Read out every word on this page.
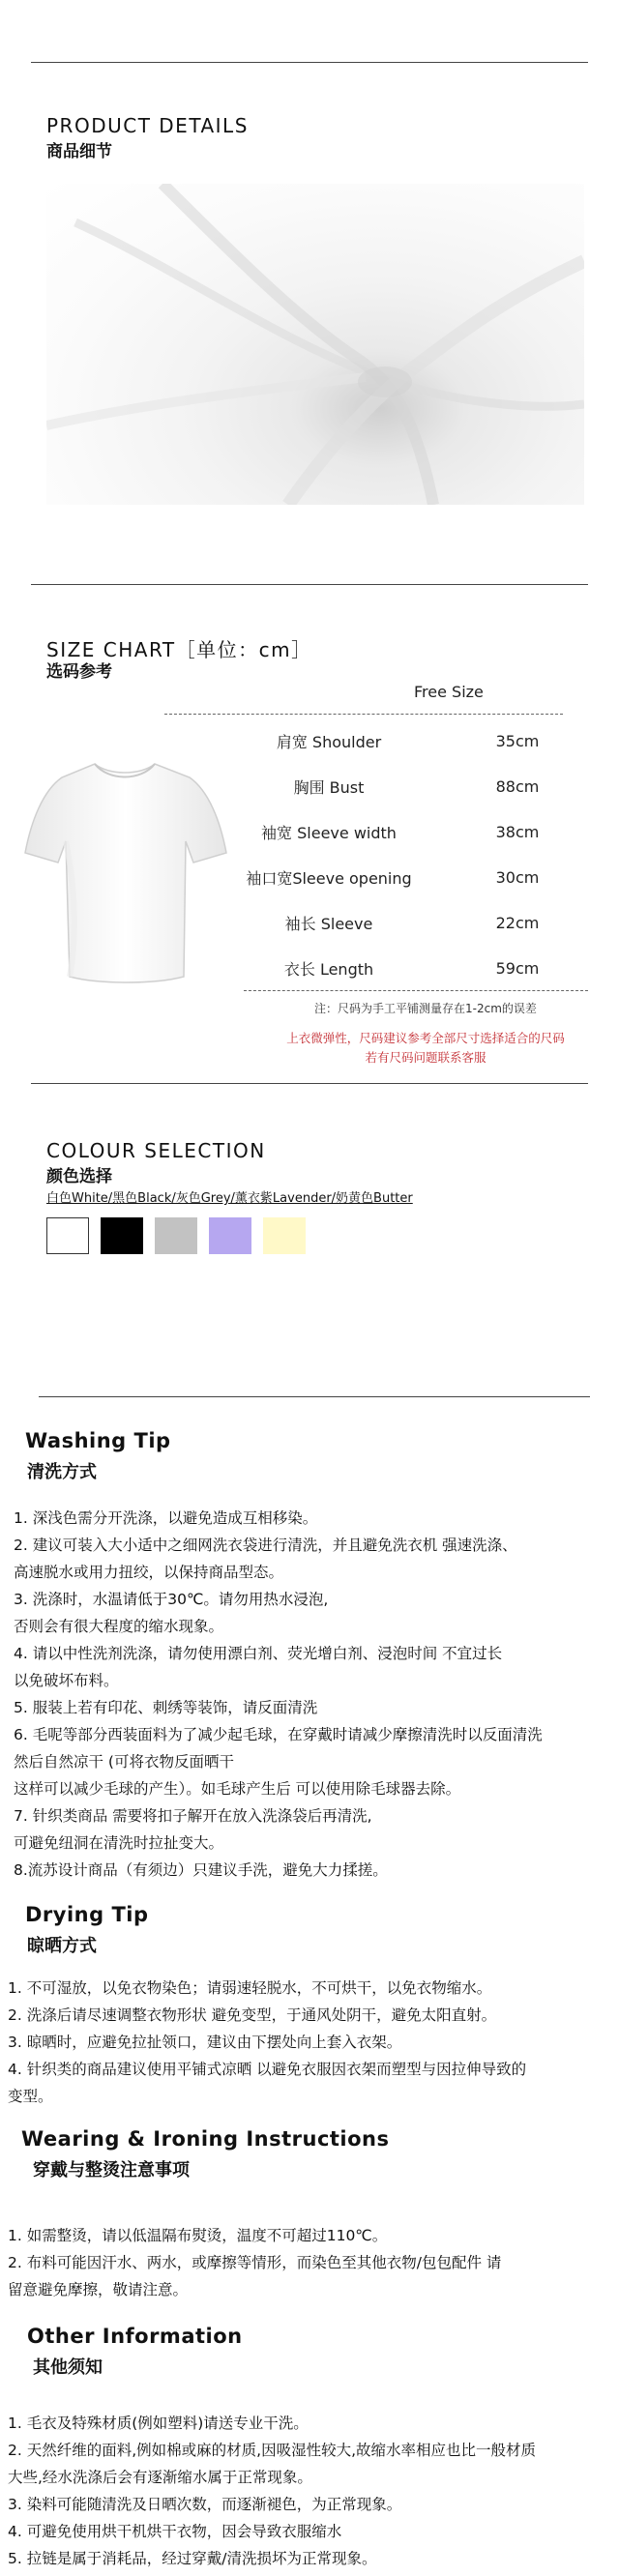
PRODUCT DETAILS
商品细节
SIZE CHART［单位：cm］
选码参考
Free Size
肩宽 Shoulder	35cm
胸围 Bust	88cm
袖宽 Sleeve width	38cm
袖口宽Sleeve opening	30cm
袖长 Sleeve	22cm
衣长 Length	59cm
注：尺码为手工平铺测量存在1-2cm的误差
上衣微弹性，尺码建议参考全部尺寸选择适合的尺码
若有尺码问题联系客服
COLOUR SELECTION
颜色选择
白色White/黑色Black/灰色Grey/薰衣紫Lavender/奶黄色Butter
Washing Tip
清洗方式
1. 深浅色需分开洗涤，以避免造成互相移染。
2. 建议可装入大小适中之细网洗衣袋进行清洗，并且避免洗衣机 强速洗涤、
高速脱水或用力扭绞，以保持商品型态。
3. 洗涤时，水温请低于30℃。请勿用热水浸泡,
否则会有很大程度的缩水现象。
4. 请以中性洗剂洗涤，请勿使用漂白剂、荧光增白剂、浸泡时间 不宜过长
以免破坏布料。
5. 服装上若有印花、刺绣等装饰，请反面清洗
6. 毛呢等部分西装面料为了减少起毛球，在穿戴时请减少摩擦清洗时以反面清洗
然后自然凉干 (可将衣物反面晒干
这样可以减少毛球的产生）。如毛球产生后 可以使用除毛球器去除。
7. 针织类商品 需要将扣子解开在放入洗涤袋后再清洗,
可避免纽洞在清洗时拉扯变大。
8.流苏设计商品（有须边）只建议手洗，避免大力揉搓。
Drying Tip
晾晒方式
1. 不可湿放，以免衣物染色；请弱速轻脱水，不可烘干，以免衣物缩水。
2. 洗涤后请尽速调整衣物形状 避免变型，于通风处阴干，避免太阳直射。
3. 晾晒时，应避免拉扯领口，建议由下摆处向上套入衣架。
4. 针织类的商品建议使用平铺式凉晒 以避免衣服因衣架而塑型与因拉伸导致的
变型。
Wearing & Ironing Instructions
穿戴与整烫注意事项
1. 如需整烫，请以低温隔布熨烫，温度不可超过110℃。
2. 布料可能因汗水、两水，或摩擦等情形，而染色至其他衣物/包包配件 请
留意避免摩擦，敬请注意。
Other Information
其他须知
1. 毛衣及特殊材质(例如塑料)请送专业干洗。
2. 天然纤维的面料,例如棉或麻的材质,因吸湿性较大,故缩水率相应也比一般材质
大些,经水洗涤后会有逐渐缩水属于正常现象。
3. 染料可能随清洗及日晒次数，而逐渐褪色，为正常现象。
4. 可避免使用烘干机烘干衣物，因会导致衣服缩水
5. 拉链是属于消耗品，经过穿戴/清洗损坏为正常现象。
